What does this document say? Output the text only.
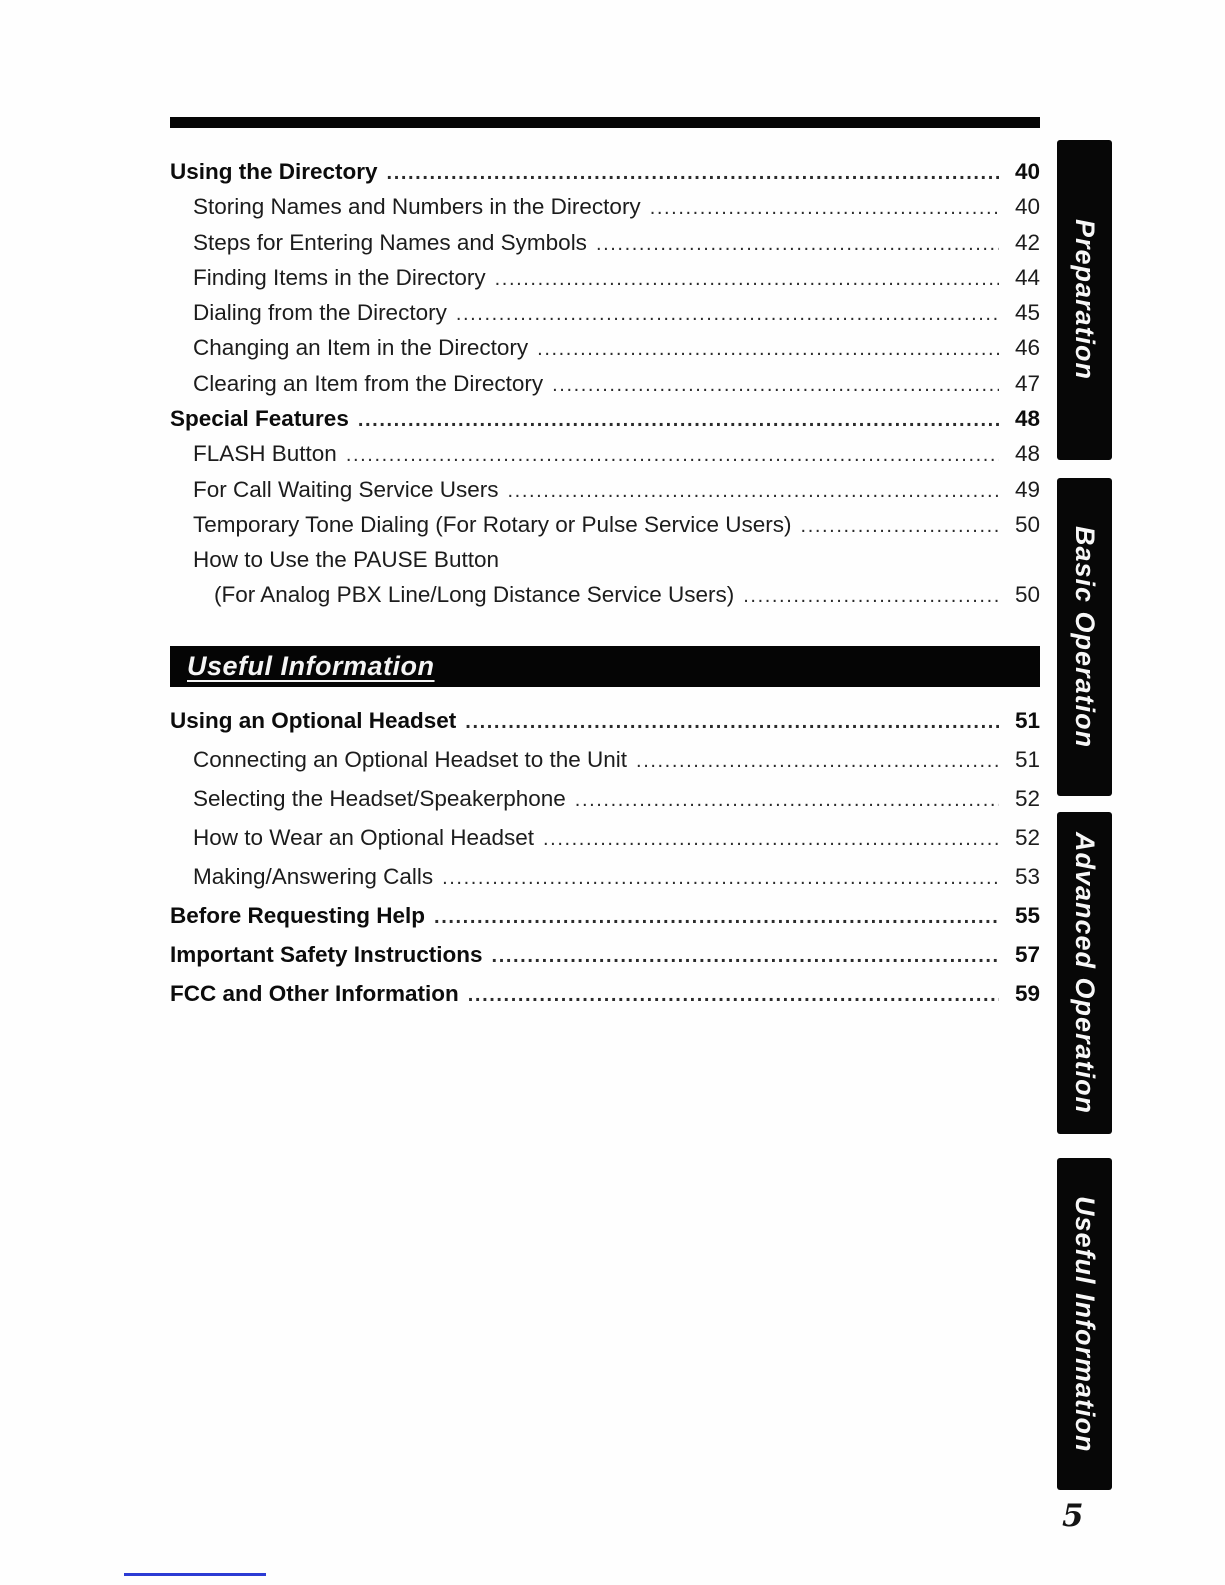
Using the Directory .....	40
Storing Names and Numbers in the Directory .....	40
Steps for Entering Names and Symbols .....	42
Finding Items in the Directory .....	44
Dialing from the Directory .....	45
Changing an Item in the Directory .....	46
Clearing an Item from the Directory .....	47
Special Features .....	48
FLASH Button .....	48
For Call Waiting Service Users .....	49
Temporary Tone Dialing (For Rotary or Pulse Service Users) .....	50
How to Use the PAUSE Button
(For Analog PBX Line/Long Distance Service Users) .....	50
Useful Information
Using an Optional Headset .....	51
Connecting an Optional Headset to the Unit .....	51
Selecting the Headset/Speakerphone .....	52
How to Wear an Optional Headset .....	52
Making/Answering Calls .....	53
Before Requesting Help .....	55
Important Safety Instructions .....	57
FCC and Other Information .....	59
Preparation
Basic Operation
Advanced Operation
Useful Information
5
